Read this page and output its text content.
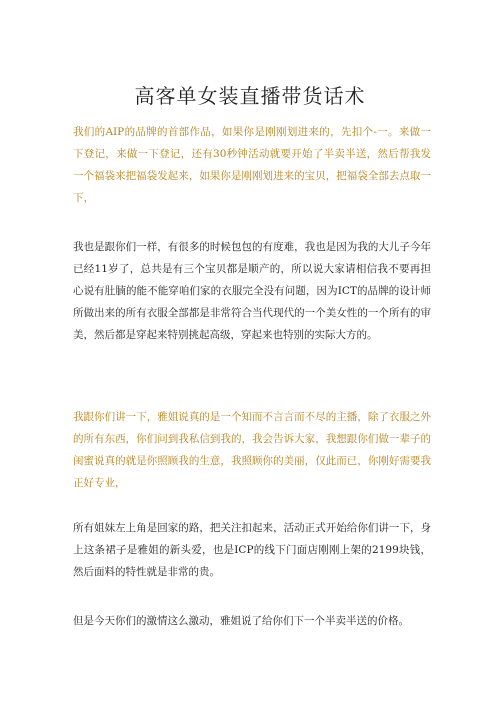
高客单女装直播带货话术

我们的AIP的品牌的首部作品，如果你是刚刚划进来的，先扣个-一。来做一下登记，来做一下登记，还有30秒钟活动就要开始了半卖半送，然后帮我发一个福袋来把福袋发起来，如果你是刚刚划进来的宝贝，把福袋全部去点取一下，

我也是跟你们一样，有很多的时候包包的有度难，我也是因为我的大儿子今年已经11岁了，总共是有三个宝贝都是顺产的，所以说大家请相信我不要再担心说有肚腩的能不能穿咱们家的衣服完全没有问题，因为ICT的品牌的设计师所做出来的所有衣服全部都是非常符合当代现代的一个美女性的一个所有的审美，然后都是穿起来特别挑起高级，穿起来也特别的实际大方的。

我跟你们讲一下，雅姐说真的是一个知而不言言而不尽的主播，除了衣服之外的所有东西，你们问到我私信到我的，我会告诉大家，我想跟你们做一辈子的闺蜜说真的就是你照顾我的生意，我照顾你的美丽，仅此而已，你刚好需要我正好专业，

所有姐妹左上角是回家的路，把关注扣起来，活动正式开始给你们讲一下，身上这条裙子是雅姐的新头爱，也是ICP的线下门面店刚刚上架的2199块钱，然后面料的特性就是非常的贵。

但是今天你们的激情这么激动，雅姐说了给你们下一个半卖半送的价格。
